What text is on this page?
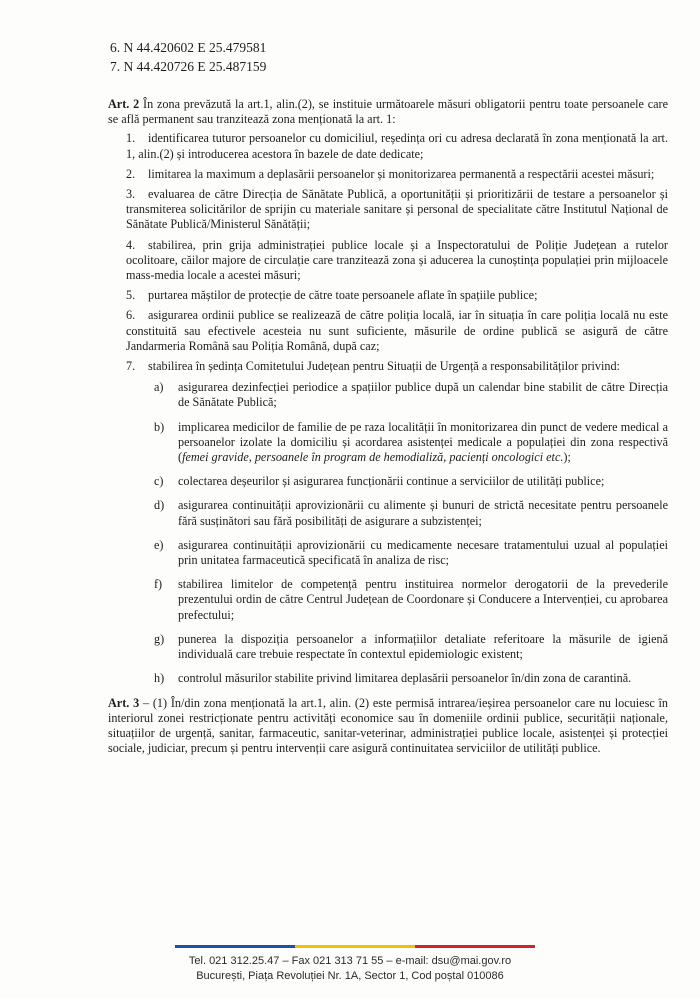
6. N 44.420602 E 25.479581
7. N 44.420726 E 25.487159

Art. 2 În zona prevăzută la art.1, alin.(2), se instituie următoarele măsuri obligatorii pentru toate persoanele care se află permanent sau tranzitează zona menționată la art. 1:

1. identificarea tuturor persoanelor cu domiciliul, reședința ori cu adresa declarată în zona menționată la art. 1, alin.(2) și introducerea acestora în bazele de date dedicate;
2. limitarea la maximum a deplasării persoanelor și monitorizarea permanentă a respectării acestei măsuri;
3. evaluarea de către Direcția de Sănătate Publică, a oportunității și prioritizării de testare a persoanelor și transmiterea solicitărilor de sprijin cu materiale sanitare și personal de specialitate către Institutul Național de Sănătate Publică/Ministerul Sănătății;
4. stabilirea, prin grija administrației publice locale și a Inspectoratului de Poliție Județean a rutelor ocolitoare, căilor majore de circulație care tranzitează zona și aducerea la cunoștința populației prin mijloacele mass-media locale a acestei măsuri;
5. purtarea măștilor de protecție de către toate persoanele aflate în spațiile publice;
6. asigurarea ordinii publice se realizează de către poliția locală, iar în situația în care poliția locală nu este constituită sau efectivele acesteia nu sunt suficiente, măsurile de ordine publică se asigură de către Jandarmeria Română sau Poliția Română, după caz;
7. stabilirea în ședința Comitetului Județean pentru Situații de Urgență a responsabilităților privind:
a) asigurarea dezinfecției periodice a spațiilor publice după un calendar bine stabilit de către Direcția de Sănătate Publică;
b) implicarea medicilor de familie de pe raza localității în monitorizarea din punct de vedere medical a persoanelor izolate la domiciliu și acordarea asistenței medicale a populației din zona respectivă (femei gravide, persoanele în program de hemodializă, pacienți oncologici etc.);
c) colectarea deșeurilor și asigurarea funcționării continue a serviciilor de utilități publice;
d) asigurarea continuității aprovizionării cu alimente și bunuri de strictă necesitate pentru persoanele fără susținători sau fără posibilități de asigurare a subzistenței;
e) asigurarea continuității aprovizionării cu medicamente necesare tratamentului uzual al populației prin unitatea farmaceutică specificată în analiza de risc;
f) stabilirea limitelor de competență pentru instituirea normelor derogatorii de la prevederile prezentului ordin de către Centrul Județean de Coordonare și Conducere a Intervenției, cu aprobarea prefectului;
g) punerea la dispoziția persoanelor a informațiilor detaliate referitoare la măsurile de igienă individuală care trebuie respectate în contextul epidemiologic existent;
h) controlul măsurilor stabilite privind limitarea deplasării persoanelor în/din zona de carantină.

Art. 3 – (1) În/din zona menționată la art.1, alin. (2) este permisă intrarea/ieșirea persoanelor care nu locuiesc în interiorul zonei restricționate pentru activități economice sau în domeniile ordinii publice, securității naționale, situațiilor de urgență, sanitar, farmaceutic, sanitar-veterinar, administrației publice locale, asistenței și protecției sociale, judiciar, precum și pentru intervenții care asigură continuitatea serviciilor de utilități publice.

Tel. 021 312.25.47 – Fax 021 313 71 55 – e-mail: dsu@mai.gov.ro
București, Piața Revoluției Nr. 1A, Sector 1, Cod poștal 010086
